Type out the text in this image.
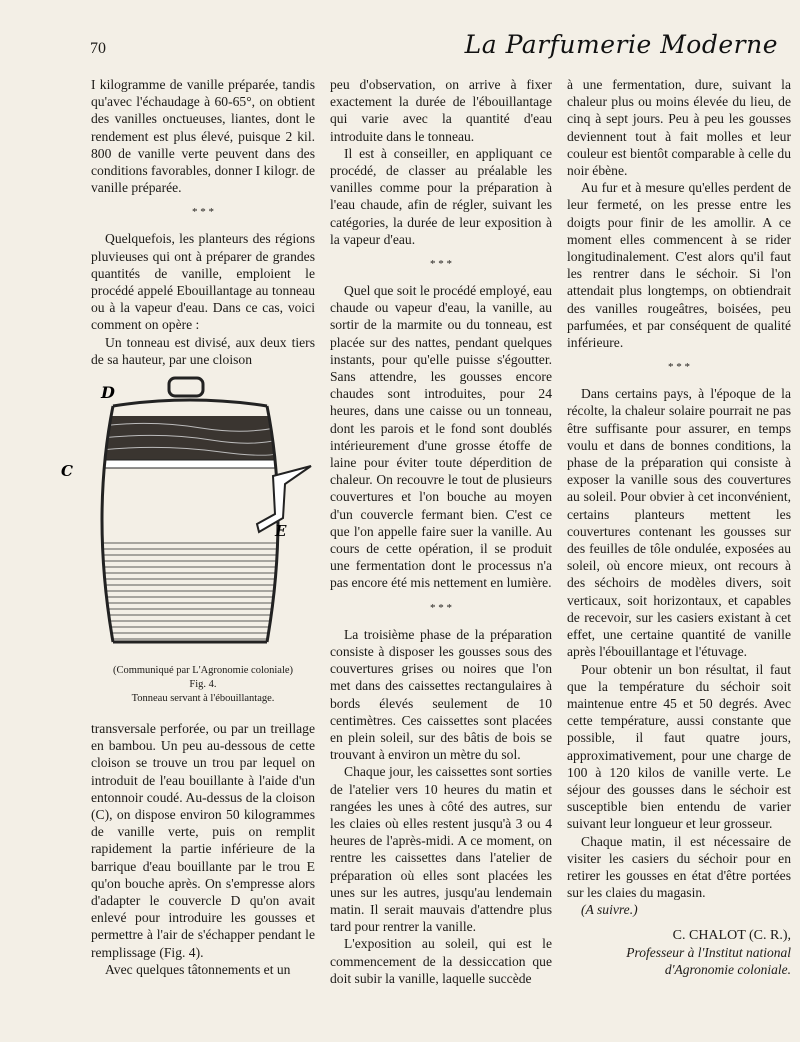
70	La Parfumerie Moderne

I kilogramme de vanille préparée, tandis qu'avec l'échaudage à 60-65°, on obtient des vanilles onctueuses, liantes, dont le rendement est plus élevé, puisque 2 kil. 800 de vanille verte peuvent dans des conditions favorables, donner I kilogr. de vanille préparée.

* * *

Quelquefois, les planteurs des régions pluvieuses qui ont à préparer de grandes quantités de vanille, emploient le procédé appelé Ebouillantage au tonneau ou à la vapeur d'eau. Dans ce cas, voici comment on opère :

Un tonneau est divisé, aux deux tiers de sa hauteur, par une cloison

D
C
E
(Communiqué par L'Agronomie coloniale)
Fig. 4.
Tonneau servant à l'ébouillantage.

transversale perforée, ou par un treillage en bambou. Un peu au-dessous de cette cloison se trouve un trou par lequel on introduit de l'eau bouillante à l'aide d'un entonnoir coudé. Au-dessus de la cloison (C), on dispose environ 50 kilogrammes de vanille verte, puis on remplit rapidement la partie inférieure de la barrique d'eau bouillante par le trou E qu'on bouche après. On s'empresse alors d'adapter le couvercle D qu'on avait enlevé pour introduire les gousses et permettre à l'air de s'échapper pendant le remplissage (Fig. 4).

Avec quelques tâtonnements et un

peu d'observation, on arrive à fixer exactement la durée de l'ébouillantage qui varie avec la quantité d'eau introduite dans le tonneau.

Il est à conseiller, en appliquant ce procédé, de classer au préalable les vanilles comme pour la préparation à l'eau chaude, afin de régler, suivant les catégories, la durée de leur exposition à la vapeur d'eau.

* * *

Quel que soit le procédé employé, eau chaude ou vapeur d'eau, la vanille, au sortir de la marmite ou du tonneau, est placée sur des nattes, pendant quelques instants, pour qu'elle puisse s'égoutter. Sans attendre, les gousses encore chaudes sont introduites, pour 24 heures, dans une caisse ou un tonneau, dont les parois et le fond sont doublés intérieurement d'une grosse étoffe de laine pour éviter toute déperdition de chaleur. On recouvre le tout de plusieurs couvertures et l'on bouche au moyen d'un couvercle fermant bien. C'est ce que l'on appelle faire suer la vanille. Au cours de cette opération, il se produit une fermentation dont le processus n'a pas encore été mis nettement en lumière.

* * *

La troisième phase de la préparation consiste à disposer les gousses sous des couvertures grises ou noires que l'on met dans des caissettes rectangulaires à bords élevés seulement de 10 centimètres. Ces caissettes sont placées en plein soleil, sur des bâtis de bois se trouvant à environ un mètre du sol.

Chaque jour, les caissettes sont sorties de l'atelier vers 10 heures du matin et rangées les unes à côté des autres, sur les claies où elles restent jusqu'à 3 ou 4 heures de l'après-midi. A ce moment, on rentre les caissettes dans l'atelier de préparation où elles sont placées les unes sur les autres, jusqu'au lendemain matin. Il serait mauvais d'attendre plus tard pour rentrer la vanille.

L'exposition au soleil, qui est le commencement de la dessiccation que doit subir la vanille, laquelle succède

à une fermentation, dure, suivant la chaleur plus ou moins élevée du lieu, de cinq à sept jours. Peu à peu les gousses deviennent tout à fait molles et leur couleur est bientôt comparable à celle du noir ébène.

Au fur et à mesure qu'elles perdent de leur fermeté, on les presse entre les doigts pour finir de les amollir. A ce moment elles commencent à se rider longitudinalement. C'est alors qu'il faut les rentrer dans le séchoir. Si l'on attendait plus longtemps, on obtiendrait des vanilles rougeâtres, boisées, peu parfumées, et par conséquent de qualité inférieure.

* * *

Dans certains pays, à l'époque de la récolte, la chaleur solaire pourrait ne pas être suffisante pour assurer, en temps voulu et dans de bonnes conditions, la phase de la préparation qui consiste à exposer la vanille sous des couvertures au soleil. Pour obvier à cet inconvénient, certains planteurs mettent les couvertures contenant les gousses sur des feuilles de tôle ondulée, exposées au soleil, où encore mieux, ont recours à des séchoirs de modèles divers, soit verticaux, soit horizontaux, et capables de recevoir, sur les casiers existant à cet effet, une certaine quantité de vanille après l'ébouillantage et l'étuvage.

Pour obtenir un bon résultat, il faut que la température du séchoir soit maintenue entre 45 et 50 degrés. Avec cette température, aussi constante que possible, il faut quatre jours, approximativement, pour une charge de 100 à 120 kilos de vanille verte. Le séjour des gousses dans le séchoir est susceptible bien entendu de varier suivant leur longueur et leur grosseur.

Chaque matin, il est nécessaire de visiter les casiers du séchoir pour en retirer les gousses en état d'être portées sur les claies du magasin.

(A suivre.)

C. CHALOT (C. R.),
Professeur à l'Institut national
d'Agronomie coloniale.
